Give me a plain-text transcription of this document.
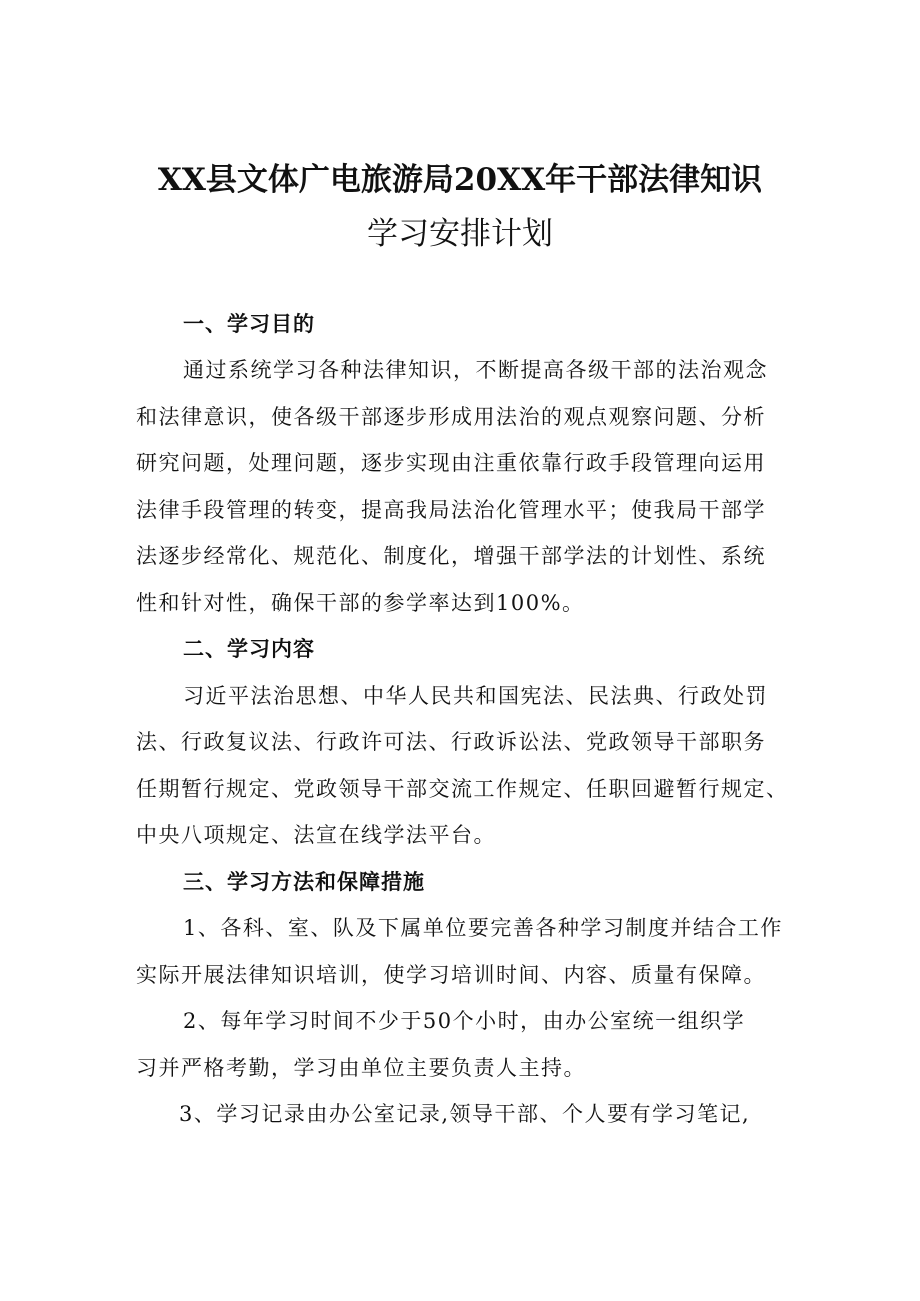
XX县文体广电旅游局20XX年干部法律知识
学习安排计划

一、学习目的

通过系统学习各种法律知识，不断提高各级干部的法治观念

和法律意识，使各级干部逐步形成用法治的观点观察问题、分析

研究问题，处理问题，逐步实现由注重依靠行政手段管理向运用

法律手段管理的转变，提高我局法治化管理水平；使我局干部学

法逐步经常化、规范化、制度化，增强干部学法的计划性、系统

性和针对性，确保干部的参学率达到100%。

二、学习内容

习近平法治思想、中华人民共和国宪法、民法典、行政处罚

法、行政复议法、行政许可法、行政诉讼法、党政领导干部职务

任期暂行规定、党政领导干部交流工作规定、任职回避暂行规定、

中央八项规定、法宣在线学法平台。

三、学习方法和保障措施

1、各科、室、队及下属单位要完善各种学习制度并结合工作

实际开展法律知识培训，使学习培训时间、内容、质量有保障。

2、每年学习时间不少于50个小时，由办公室统一组织学

习并严格考勤，学习由单位主要负责人主持。

3、学习记录由办公室记录,领导干部、个人要有学习笔记,
